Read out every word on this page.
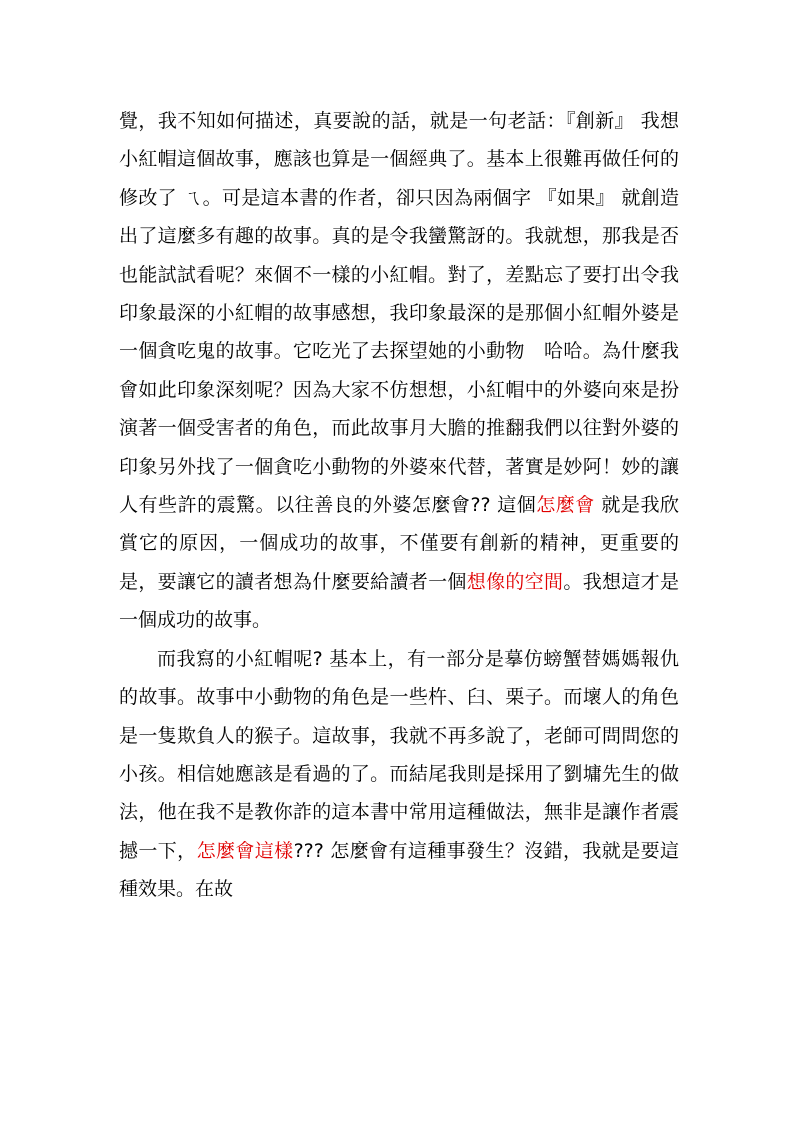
覺，我不知如何描述，真要說的話，就是一句老話：『創新』 我想小紅帽這個故事，應該也算是一個經典了。基本上很難再做任何的修改了 ㄟ。可是這本書的作者，卻只因為兩個字 『如果』 就創造出了這麼多有趣的故事。真的是令我蠻驚訝的。我就想，那我是否也能試試看呢？來個不一樣的小紅帽。對了，差點忘了要打出令我印象最深的小紅帽的故事感想，我印象最深的是那個小紅帽外婆是一個貪吃鬼的故事。它吃光了去探望她的小動物　哈哈。為什麼我會如此印象深刻呢？因為大家不仿想想，小紅帽中的外婆向來是扮演著一個受害者的角色，而此故事月大膽的推翻我們以往對外婆的印象另外找了一個貪吃小動物的外婆來代替，著實是妙阿！妙的讓人有些許的震驚。以往善良的外婆怎麼會?? 這個怎麼會 就是我欣賞它的原因，一個成功的故事，不僅要有創新的精神，更重要的是，要讓它的讀者想為什麼要給讀者一個想像的空間。我想這才是一個成功的故事。

而我寫的小紅帽呢? 基本上，有一部分是摹仿螃蟹替媽媽報仇的故事。故事中小動物的角色是一些杵、臼、栗子。而壞人的角色是一隻欺負人的猴子。這故事，我就不再多說了，老師可問問您的小孩。相信她應該是看過的了。而結尾我則是採用了劉墉先生的做法，他在我不是教你詐的這本書中常用這種做法，無非是讓作者震撼一下，怎麼會這樣??? 怎麼會有這種事發生？沒錯，我就是要這種效果。在故
